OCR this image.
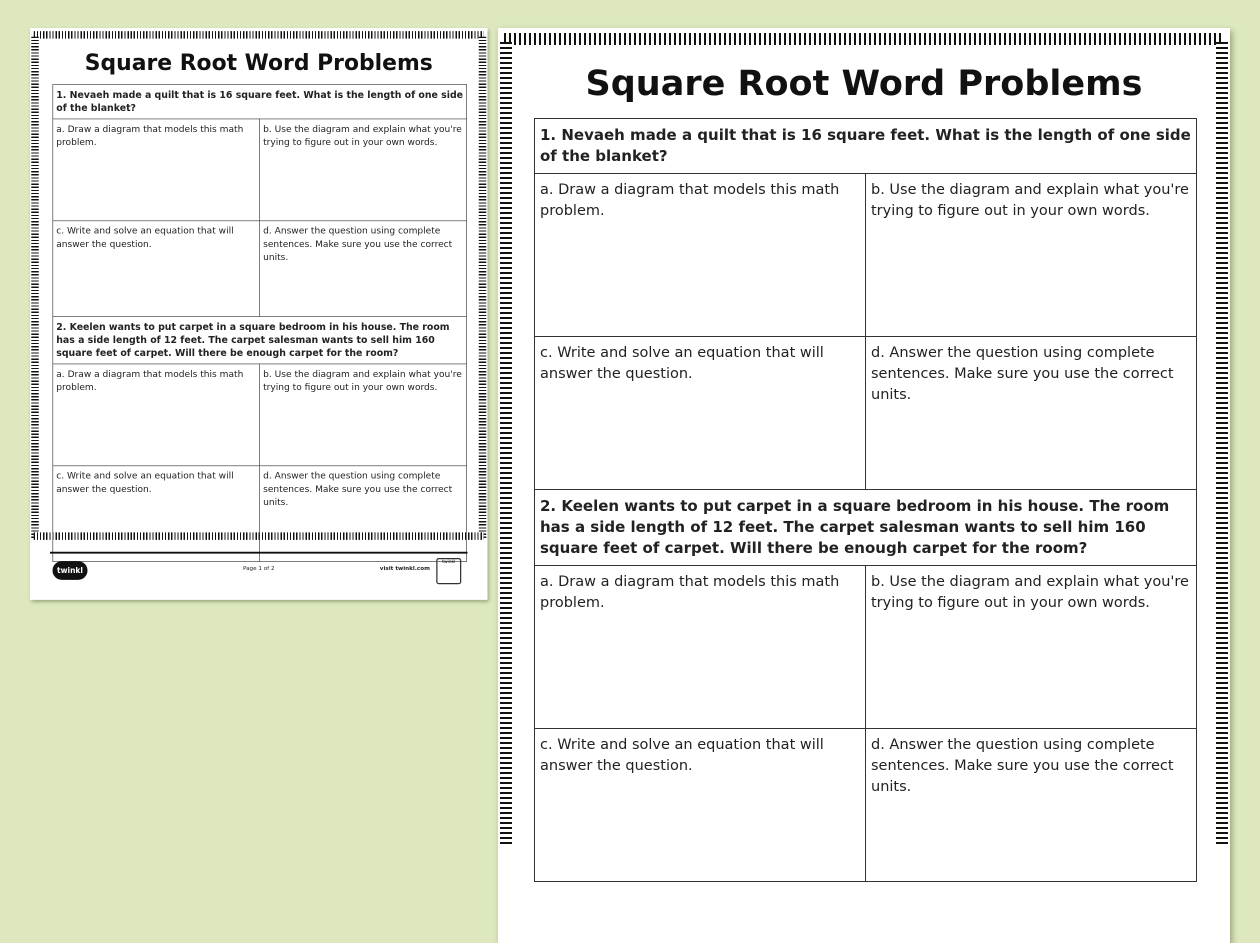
Square Root Word Problems
1. Nevaeh made a quilt that is 16 square feet. What is the length of one side of the blanket?	
a. Draw a diagram that models this math problem.	b. Use the diagram and explain what you're trying to figure out in your own words.
c. Write and solve an equation that will answer the question.	d. Answer the question using complete sentences. Make sure you use the correct units.
2. Keelen wants to put carpet in a square bedroom in his house. The room has a side length of 12 feet. The carpet salesman wants to sell him 160 square feet of carpet. Will there be enough carpet for the room?	
a. Draw a diagram that models this math problem.	b. Use the diagram and explain what you're trying to figure out in your own words.
c. Write and solve an equation that will answer the question.	d. Answer the question using complete sentences. Make sure you use the correct units.
twinkl	Page 1 of 2	visit twinkl.com
twinkl
Square Root Word Problems
1. Nevaeh made a quilt that is 16 square feet. What is the length of one side of the blanket?	
a. Draw a diagram that models this math problem.	b. Use the diagram and explain what you're trying to figure out in your own words.
c. Write and solve an equation that will answer the question.	d. Answer the question using complete sentences. Make sure you use the correct units.
2. Keelen wants to put carpet in a square bedroom in his house. The room has a side length of 12 feet. The carpet salesman wants to sell him 160 square feet of carpet. Will there be enough carpet for the room?	
a. Draw a diagram that models this math problem.	b. Use the diagram and explain what you're trying to figure out in your own words.
c. Write and solve an equation that will answer the question.	d. Answer the question using complete sentences. Make sure you use the correct units.
